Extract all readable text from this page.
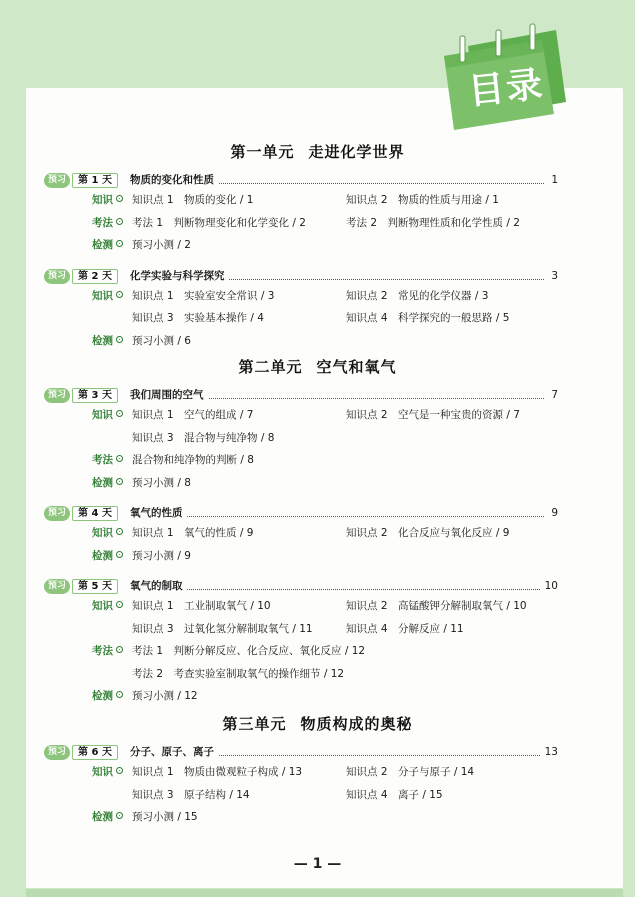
目录
第一单元 走进化学世界
预习	第 1 天	物质的变化和性质	1
知识	知识点 1　物质的变化 / 1	知识点 2　物质的性质与用途 / 1
考法	考法 1　判断物理变化和化学变化 / 2	考法 2　判断物理性质和化学性质 / 2
检测	预习小测 / 2
预习	第 2 天	化学实验与科学探究	3
知识	知识点 1　实验室安全常识 / 3	知识点 2　常见的化学仪器 / 3
知识点 3　实验基本操作 / 4	知识点 4　科学探究的一般思路 / 5
检测	预习小测 / 6
第二单元 空气和氧气
预习	第 3 天	我们周围的空气	7
知识	知识点 1　空气的组成 / 7	知识点 2　空气是一种宝贵的资源 / 7
知识点 3　混合物与纯净物 / 8
考法	混合物和纯净物的判断 / 8
检测	预习小测 / 8
预习	第 4 天	氧气的性质	9
知识	知识点 1　氧气的性质 / 9	知识点 2　化合反应与氧化反应 / 9
检测	预习小测 / 9
预习	第 5 天	氧气的制取	10
知识	知识点 1　工业制取氧气 / 10	知识点 2　高锰酸钾分解制取氧气 / 10
知识点 3　过氧化氢分解制取氧气 / 11	知识点 4　分解反应 / 11
考法	考法 1　判断分解反应、化合反应、氧化反应 / 12
考法 2　考查实验室制取氧气的操作细节 / 12
检测	预习小测 / 12
第三单元 物质构成的奥秘
预习	第 6 天	分子、原子、离子	13
知识	知识点 1　物质由微观粒子构成 / 13	知识点 2　分子与原子 / 14
知识点 3　原子结构 / 14	知识点 4　离子 / 15
检测	预习小测 / 15
— 1 —
